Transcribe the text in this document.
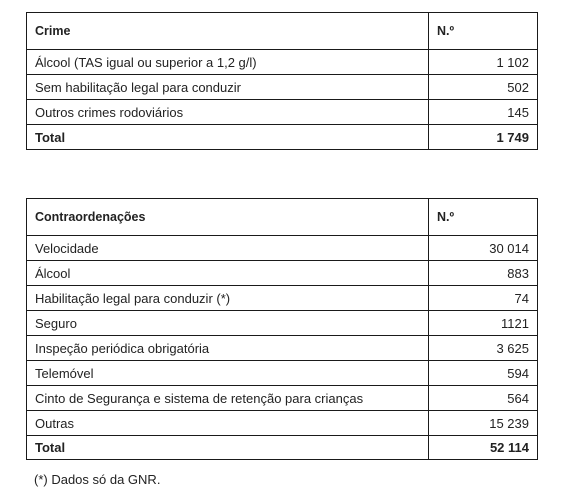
Crime	N.º
Álcool (TAS igual ou superior a 1,2 g/l)	1 102
Sem habilitação legal para conduzir	502
Outros crimes rodoviários	145
Total	1 749
Contraordenações	N.º
Velocidade	30 014
Álcool	883
Habilitação legal para conduzir (*)	74
Seguro	1121
Inspeção periódica obrigatória	3 625
Telemóvel	594
Cinto de Segurança e sistema de retenção para crianças	564
Outras	15 239
Total	52 114
(*) Dados só da GNR.
